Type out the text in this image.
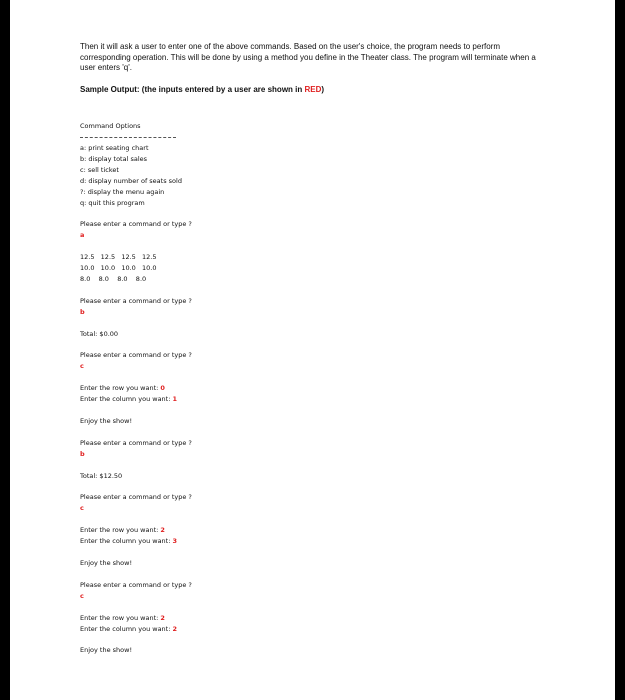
Then it will ask a user to enter one of the above commands. Based on the user's choice, the program needs to perform corresponding operation. This will be done by using a method you define in the Theater class. The program will terminate when a user enters 'q'.
Sample Output: (the inputs entered by a user are shown in RED)
Command Options
a: print seating chart
b: display total sales
c: sell ticket
d: display number of seats sold
?: display the menu again
q: quit this program
Please enter a command or type ?
a
12.5   12.5   12.5   12.5
10.0   10.0   10.0   10.0
8.0    8.0    8.0    8.0
Please enter a command or type ?
b
Total: $0.00
Please enter a command or type ?
c
Enter the row you want: 0
Enter the column you want: 1
Enjoy the show!
Please enter a command or type ?
b
Total: $12.50
Please enter a command or type ?
c
Enter the row you want: 2
Enter the column you want: 3
Enjoy the show!
Please enter a command or type ?
c
Enter the row you want: 2
Enter the column you want: 2
Enjoy the show!
